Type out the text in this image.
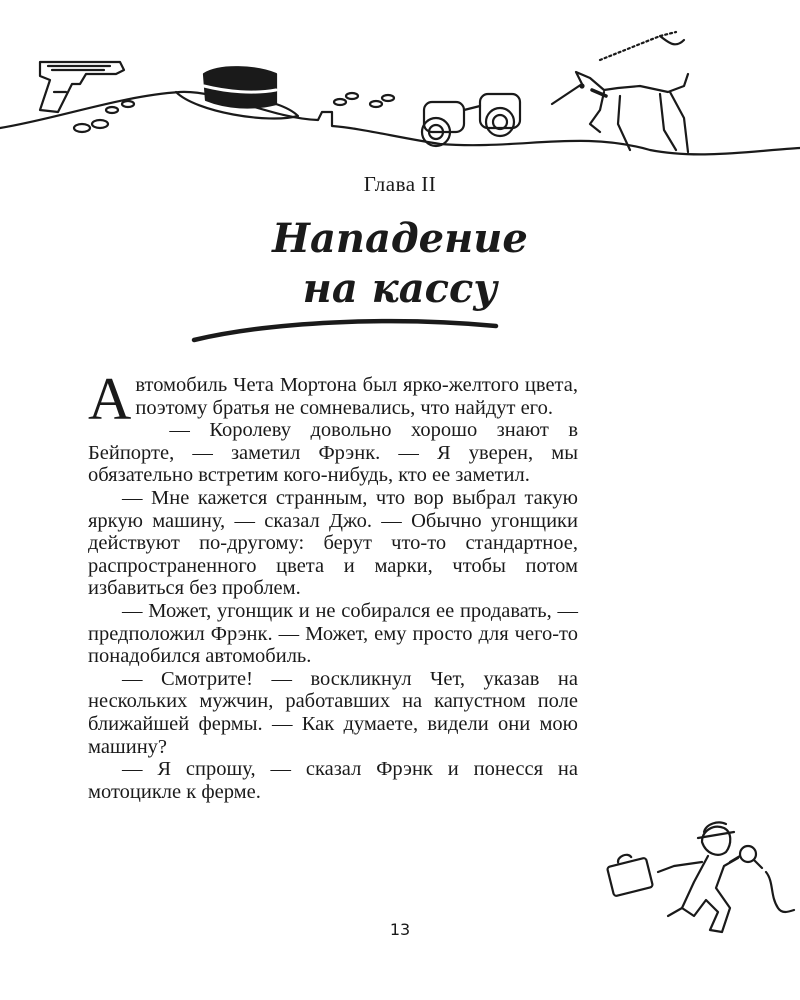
Глава II
Нападение
на кассу

Автомобиль Чета Мортона был ярко-желтого цвета, поэтому братья не сомневались, что найдут его.

— Королеву довольно хорошо знают в Бейпорте, — заметил Фрэнк. — Я уверен, мы обязательно встретим кого-нибудь, кто ее заметил.

— Мне кажется странным, что вор выбрал такую яркую машину, — сказал Джо. — Обычно угонщики действуют по-другому: берут что-то стандартное, распространенного цвета и марки, чтобы потом избавиться без проблем.

— Может, угонщик и не собирался ее продавать, — предположил Фрэнк. — Может, ему просто для чего-то понадобился автомобиль.

— Смотрите! — воскликнул Чет, указав на нескольких мужчин, работавших на капустном поле ближайшей фермы. — Как думаете, видели они мою машину?

— Я спрошу, — сказал Фрэнк и понесся на мотоцикле к ферме.

13
